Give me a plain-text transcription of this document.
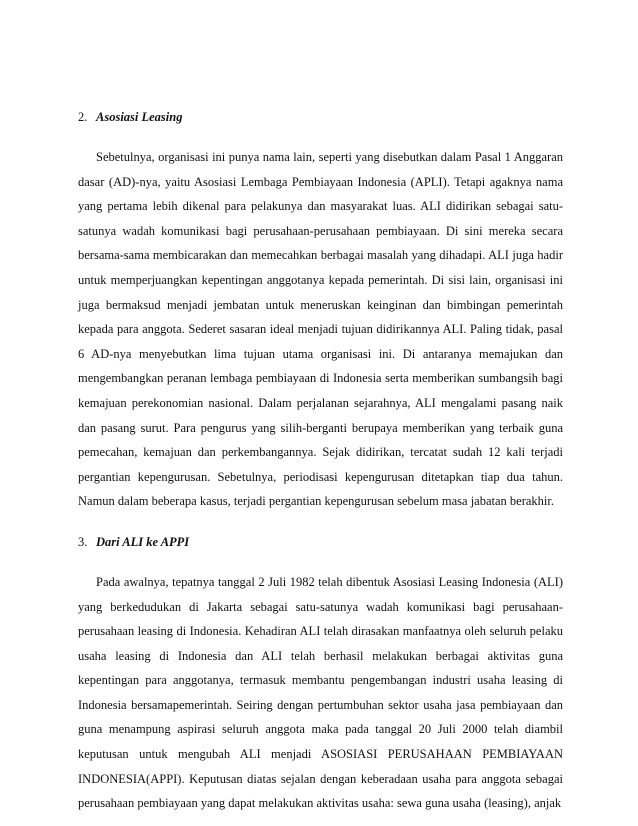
2. Asosiasi Leasing

Sebetulnya, organisasi ini punya nama lain, seperti yang disebutkan dalam Pasal 1 Anggaran dasar (AD)-nya, yaitu Asosiasi Lembaga Pembiayaan Indonesia (APLI). Tetapi agaknya nama yang pertama lebih dikenal para pelakunya dan masyarakat luas. ALI didirikan sebagai satu-satunya wadah komunikasi bagi perusahaan-perusahaan pembiayaan. Di sini mereka secara bersama-sama membicarakan dan memecahkan berbagai masalah yang dihadapi. ALI juga hadir untuk memperjuangkan kepentingan anggotanya kepada pemerintah. Di sisi lain, organisasi ini juga bermaksud menjadi jembatan untuk meneruskan keinginan dan bimbingan pemerintah kepada para anggota. Sederet sasaran ideal menjadi tujuan didirikannya ALI. Paling tidak, pasal 6 AD-nya menyebutkan lima tujuan utama organisasi ini. Di antaranya memajukan dan mengembangkan peranan lembaga pembiayaan di Indonesia serta memberikan sumbangsih bagi kemajuan perekonomian nasional. Dalam perjalanan sejarahnya, ALI mengalami pasang naik dan pasang surut. Para pengurus yang silih-berganti berupaya memberikan yang terbaik guna pemecahan, kemajuan dan perkembangannya. Sejak didirikan, tercatat sudah 12 kali terjadi pergantian kepengurusan. Sebetulnya, periodisasi kepengurusan ditetapkan tiap dua tahun. Namun dalam beberapa kasus, terjadi pergantian kepengurusan sebelum masa jabatan berakhir.

3. Dari ALI ke APPI

Pada awalnya, tepatnya tanggal 2 Juli 1982 telah dibentuk Asosiasi Leasing Indonesia (ALI) yang berkedudukan di Jakarta sebagai satu-satunya wadah komunikasi bagi perusahaan-perusahaan leasing di Indonesia. Kehadiran ALI telah dirasakan manfaatnya oleh seluruh pelaku usaha leasing di Indonesia dan ALI telah berhasil melakukan berbagai aktivitas guna kepentingan para anggotanya, termasuk membantu pengembangan industri usaha leasing di Indonesia bersamapemerintah. Seiring dengan pertumbuhan sektor usaha jasa pembiayaan dan guna menampung aspirasi seluruh anggota maka pada tanggal 20 Juli 2000 telah diambil keputusan untuk mengubah ALI menjadi ASOSIASI PERUSAHAAN PEMBIAYAAN INDONESIA(APPI). Keputusan diatas sejalan dengan keberadaan usaha para anggota sebagai perusahaan pembiayaan yang dapat melakukan aktivitas usaha: sewa guna usaha (leasing), anjak
